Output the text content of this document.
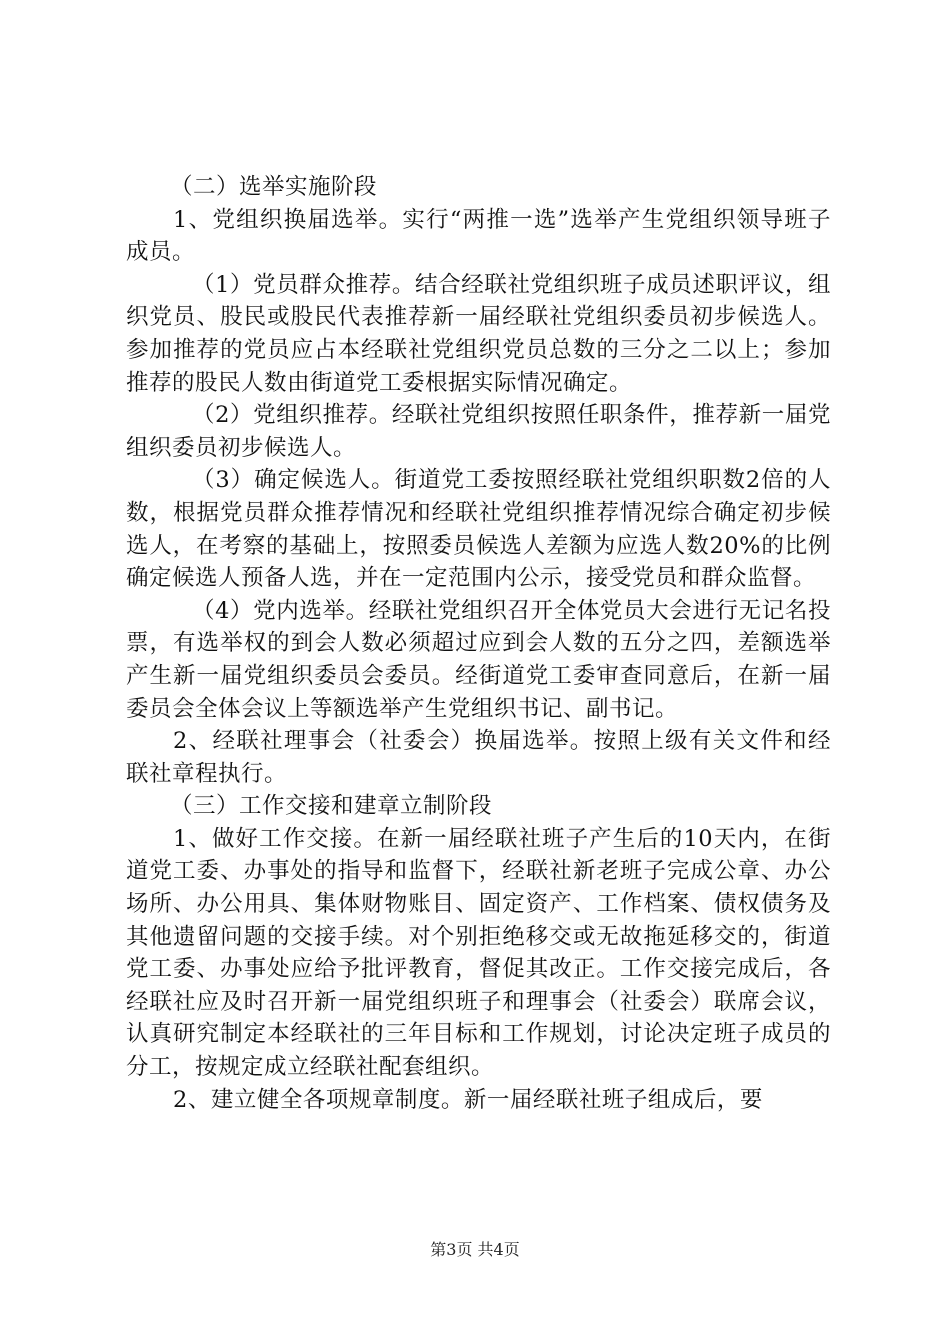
（二）选举实施阶段

1、党组织换届选举。实行“两推一选”选举产生党组织领导班子成员。

（1）党员群众推荐。结合经联社党组织班子成员述职评议，组织党员、股民或股民代表推荐新一届经联社党组织委员初步候选人。参加推荐的党员应占本经联社党组织党员总数的三分之二以上；参加推荐的股民人数由街道党工委根据实际情况确定。

（2）党组织推荐。经联社党组织按照任职条件，推荐新一届党组织委员初步候选人。

（3）确定候选人。街道党工委按照经联社党组织职数2倍的人数，根据党员群众推荐情况和经联社党组织推荐情况综合确定初步候选人，在考察的基础上，按照委员候选人差额为应选人数20%的比例确定候选人预备人选，并在一定范围内公示，接受党员和群众监督。

（4）党内选举。经联社党组织召开全体党员大会进行无记名投票，有选举权的到会人数必须超过应到会人数的五分之四，差额选举产生新一届党组织委员会委员。经街道党工委审查同意后，在新一届委员会全体会议上等额选举产生党组织书记、副书记。

2、经联社理事会（社委会）换届选举。按照上级有关文件和经联社章程执行。

（三）工作交接和建章立制阶段

1、做好工作交接。在新一届经联社班子产生后的10天内，在街道党工委、办事处的指导和监督下，经联社新老班子完成公章、办公场所、办公用具、集体财物账目、固定资产、工作档案、债权债务及其他遗留问题的交接手续。对个别拒绝移交或无故拖延移交的，街道党工委、办事处应给予批评教育，督促其改正。工作交接完成后，各经联社应及时召开新一届党组织班子和理事会（社委会）联席会议，认真研究制定本经联社的三年目标和工作规划，讨论决定班子成员的分工，按规定成立经联社配套组织。

2、建立健全各项规章制度。新一届经联社班子组成后，要

第3页 共4页
